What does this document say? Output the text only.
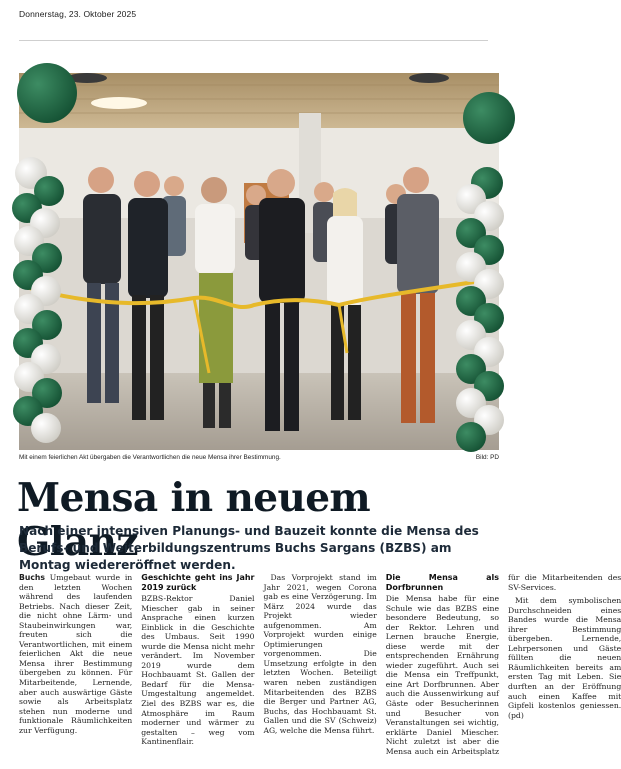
Donnerstag, 23. Oktober 2025
Mit einem feierlichen Akt übergaben die Verantwortlichen die neue Mensa ihrer Bestimmung.	Bild: PD
Mensa in neuem Glanz

Nach einer intensiven Planungs- und Bauzeit konnte die Mensa des Berufs- und Weiterbildungszentrums Buchs Sargans (BZBS) am Montag wiedereröffnet werden.

Buchs Umgebaut wurde in den letzten Wochen während des laufenden Betriebs. Nach dieser Zeit, die nicht ohne Lärm- und Staubeinwirkungen war, freuten sich die Verantwortlichen, mit einem feierlichen Akt die neue Mensa ihrer Bestimmung übergeben zu können. Für Mitarbeitende, Lernende, aber auch auswärtige Gäste sowie als Arbeitsplatz stehen nun moderne und funktionale Räumlichkeiten zur Verfügung.

Geschichte geht ins Jahr 2019 zurück

BZBS-Rektor Daniel Miescher gab in seiner Ansprache einen kurzen Einblick in die Geschichte des Umbaus. Seit 1990 wurde die Mensa nicht mehr verändert. Im November 2019 wurde dem Hochbauamt St. Gallen der Bedarf für die Mensa-Umgestaltung angemeldet. Ziel des BZBS war es, die Atmosphäre im Raum moderner und wärmer zu gestalten – weg vom Kantinenflair.

Das Vorprojekt stand im Jahr 2021, wegen Corona gab es eine Verzögerung. Im März 2024 wurde das Projekt wieder aufgenommen. Am Vorprojekt wurden einige Optimierungen vorgenommen. Die Umsetzung erfolgte in den letzten Wochen. Beteiligt waren neben zuständigen Mitarbeitenden des BZBS die Berger und Partner AG, Buchs, das Hochbauamt St. Gallen und die SV (Schweiz) AG, welche die Mensa führt.

Die Mensa als Dorfbrunnen

Die Mensa habe für eine Schule wie das BZBS eine besondere Bedeutung, so der Rektor. Lehren und Lernen brauche Energie, diese werde mit der entsprechenden Ernährung wieder zugeführt. Auch sei die Mensa ein Treffpunkt, eine Art Dorfbrunnen. Aber auch die Aussenwirkung auf Gäste oder Besucherinnen und Besucher von Veranstaltungen sei wichtig, erklärte Daniel Miescher. Nicht zuletzt ist aber die Mensa auch ein Arbeitsplatz für die Mitarbeitenden des SV-Services.

Mit dem symbolischen Durchschneiden eines Bandes wurde die Mensa ihrer Bestimmung übergeben. Lernende, Lehrpersonen und Gäste füllten die neuen Räumlichkeiten bereits am ersten Tag mit Leben. Sie durften an der Eröffnung auch einen Kaffee mit Gipfeli kostenlos geniessen. (pd)
